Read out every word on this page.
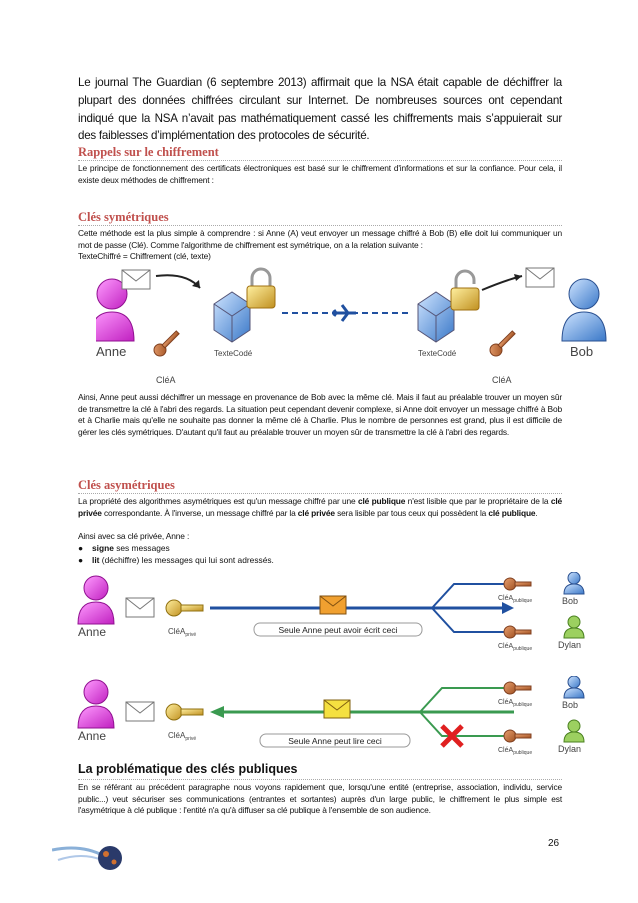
Le journal The Guardian (6 septembre 2013) affirmait que la NSA était capable de déchiffrer la plupart des données chiffrées circulant sur Internet. De nombreuses sources ont cependant indiqué que la NSA n’avait pas mathématiquement cassé les chiffrements mais s’appuierait sur des faiblesses d’implémentation des protocoles de sécurité.

Rappels sur le chiffrement

Le principe de fonctionnement des certificats électroniques est basé sur le chiffrement d'informations et sur la confiance. Pour cela, il existe deux méthodes de chiffrement :

Clés symétriques

Cette méthode est la plus simple à comprendre : si Anne (A) veut envoyer un message chiffré à Bob (B) elle doit lui communiquer un mot de passe (Clé). Comme l'algorithme de chiffrement est symétrique, on a la relation suivante :

TexteChiffré = Chiffrement (clé, texte)

Anne
CléA
TexteCodé	TexteCodé
CléA
Bob

Ainsi, Anne peut aussi déchiffrer un message en provenance de Bob avec la même clé. Mais il faut au préalable trouver un moyen sûr de transmettre la clé à l'abri des regards. La situation peut cependant devenir complexe, si Anne doit envoyer un message chiffré à Bob et à Charlie mais qu'elle ne souhaite pas donner la même clé à Charlie. Plus le nombre de personnes est grand, plus il est difficile de gérer les clés symétriques. D'autant qu'il faut au préalable trouver un moyen sûr de transmettre la clé à l'abri des regards.

Clés asymétriques

La propriété des algorithmes asymétriques est qu'un message chiffré par une clé publique n'est lisible que par le propriétaire de la clé privée correspondante. À l'inverse, un message chiffré par la clé privée sera lisible par tous ceux qui possèdent la clé publique.

Ainsi avec sa clé privée, Anne :

● signe ses messages
● lit (déchiffre) les messages qui lui sont adressés.
Anne	CléA$_{privé}$	Seule Anne peut avoir écrit ceci
CléA$_{publique}$
CléA$_{publique}$
Bob
Dylan
Anne	CléA$_{privé}$	Seule Anne peut lire ceci
CléA$_{publique}$
CléA$_{publique}$
Bob
Dylan
La problématique des clés publiques

En se référant au précédent paragraphe nous voyons rapidement que, lorsqu'une entité (entreprise, association, individu, service public...) veut sécuriser ses communications (entrantes et sortantes) auprès d'un large public, le chiffrement le plus simple est l'asymétrique à clé publique : l'entité n'a qu'à diffuser sa clé publique à l'ensemble de son audience.

26
